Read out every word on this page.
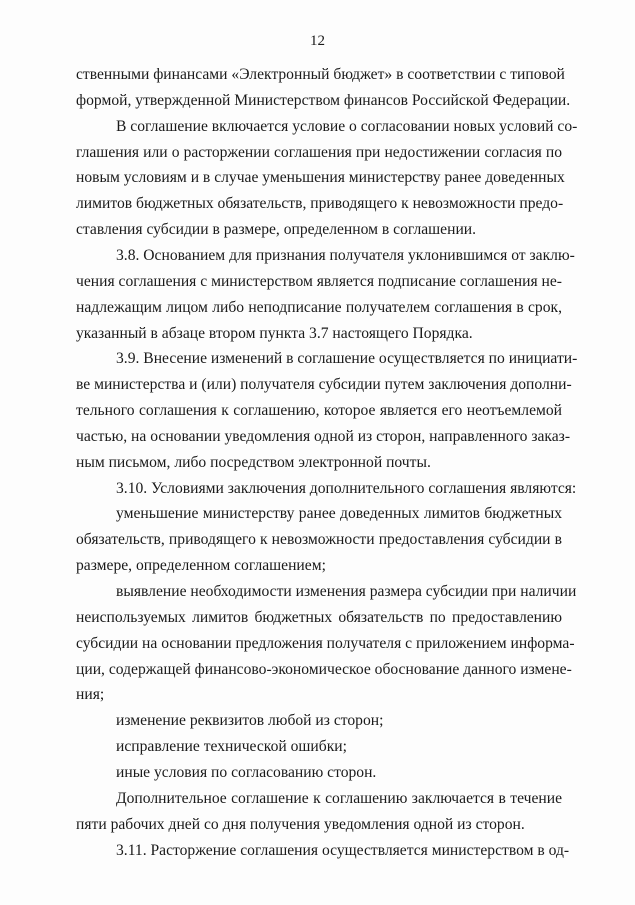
12
ственными финансами «Электронный бюджет» в соответствии с типовой
формой, утвержденной Министерством финансов Российской Федерации.
В соглашение включается условие о согласовании новых условий со-
глашения или о расторжении соглашения при недостижении согласия по
новым условиям и в случае уменьшения министерству ранее доведенных
лимитов бюджетных обязательств, приводящего к невозможности предо-
ставления субсидии в размере, определенном в соглашении.
3.8. Основанием для признания получателя уклонившимся от заклю-
чения соглашения с министерством является подписание соглашения не-
надлежащим лицом либо неподписание получателем соглашения в срок,
указанный в абзаце втором пункта 3.7 настоящего Порядка.
3.9. Внесение изменений в соглашение осуществляется по инициати-
ве министерства и (или) получателя субсидии путем заключения дополни-
тельного соглашения к соглашению, которое является его неотъемлемой
частью, на основании уведомления одной из сторон, направленного заказ-
ным письмом, либо посредством электронной почты.
3.10. Условиями заключения дополнительного соглашения являются:
уменьшение министерству ранее доведенных лимитов бюджетных
обязательств, приводящего к невозможности предоставления субсидии в
размере, определенном соглашением;
выявление необходимости изменения размера субсидии при наличии
неиспользуемых лимитов бюджетных обязательств по предоставлению
субсидии на основании предложения получателя с приложением информа-
ции, содержащей финансово-экономическое обоснование данного измене-
ния;
изменение реквизитов любой из сторон;
исправление технической ошибки;
иные условия по согласованию сторон.
Дополнительное соглашение к соглашению заключается в течение
пяти рабочих дней со дня получения уведомления одной из сторон.
3.11. Расторжение соглашения осуществляется министерством в од-
